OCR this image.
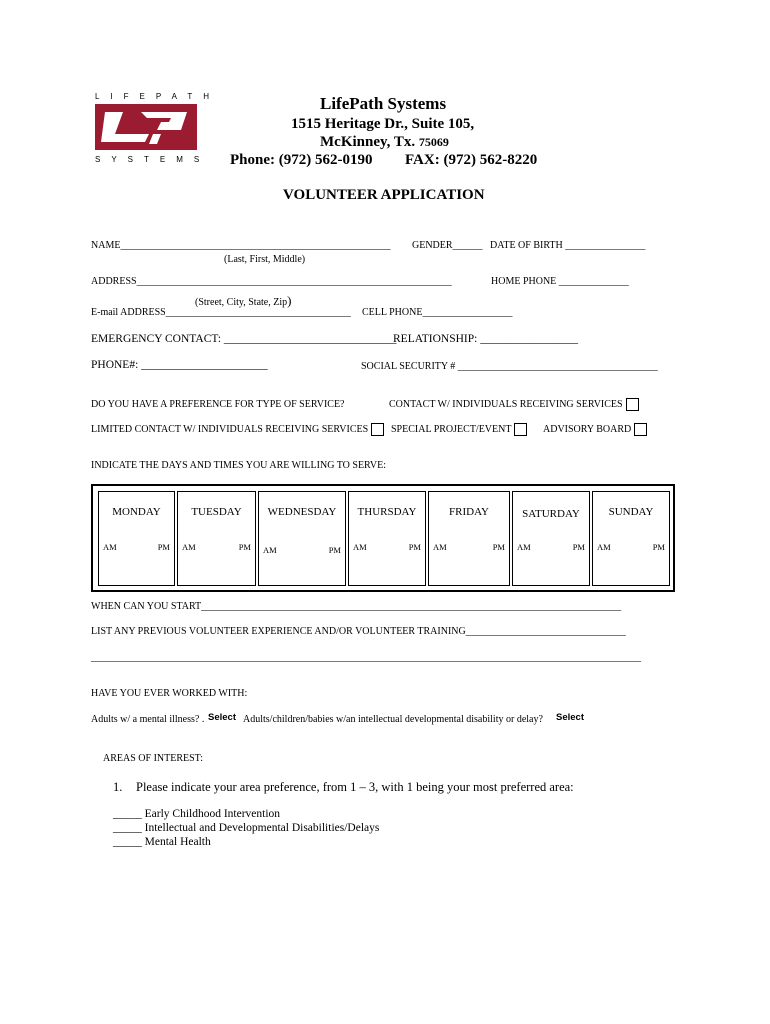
LIFEPATH
SYSTEMS
LifePath Systems
1515 Heritage Dr., Suite 105,
McKinney, Tx. 75069
Phone: (972) 562-0190 FAX: (972) 562-8220
VOLUNTEER APPLICATION
NAME______________________________________________________ GENDER______ DATE OF BIRTH ________________
(Last, First, Middle)
ADDRESS_______________________________________________________________	HOME PHONE ______________
(Street, City, State, Zip)
E-mail ADDRESS_____________________________________ CELL PHONE__________________
EMERGENCY CONTACT: ______________________________
RELATIONSHIP: _________________
PHONE#: ______________________	SOCIAL SECURITY # ________________________________________
DO YOU HAVE A PREFERENCE FOR TYPE OF SERVICE?	CONTACT W/ INDIVIDUALS RECEIVING SERVICES
LIMITED CONTACT W/ INDIVIDUALS RECEIVING SERVICES	SPECIAL PROJECT/EVENT	ADVISORY BOARD
INDICATE THE DAYS AND TIMES YOU ARE WILLING TO SERVE:
MONDAY
AM	PM
TUESDAY
AM	PM
WEDNESDAY
AM	PM
THURSDAY
AM	PM
FRIDAY
AM	PM
SATURDAY
AM	PM
SUNDAY
AM	PM
WHEN CAN YOU START____________________________________________________________________________________
LIST ANY PREVIOUS VOLUNTEER EXPERIENCE AND/OR VOLUNTEER TRAINING________________________________
______________________________________________________________________________________________________________
HAVE YOU EVER WORKED WITH:
Adults w/ a mental illness? . Select Adults/children/babies w/an intellectual developmental disability or delay? Select
AREAS OF INTEREST:
1. Please indicate your area preference, from 1 – 3, with 1 being your most preferred area:
_____ Early Childhood Intervention
_____ Intellectual and Developmental Disabilities/Delays
_____ Mental Health
